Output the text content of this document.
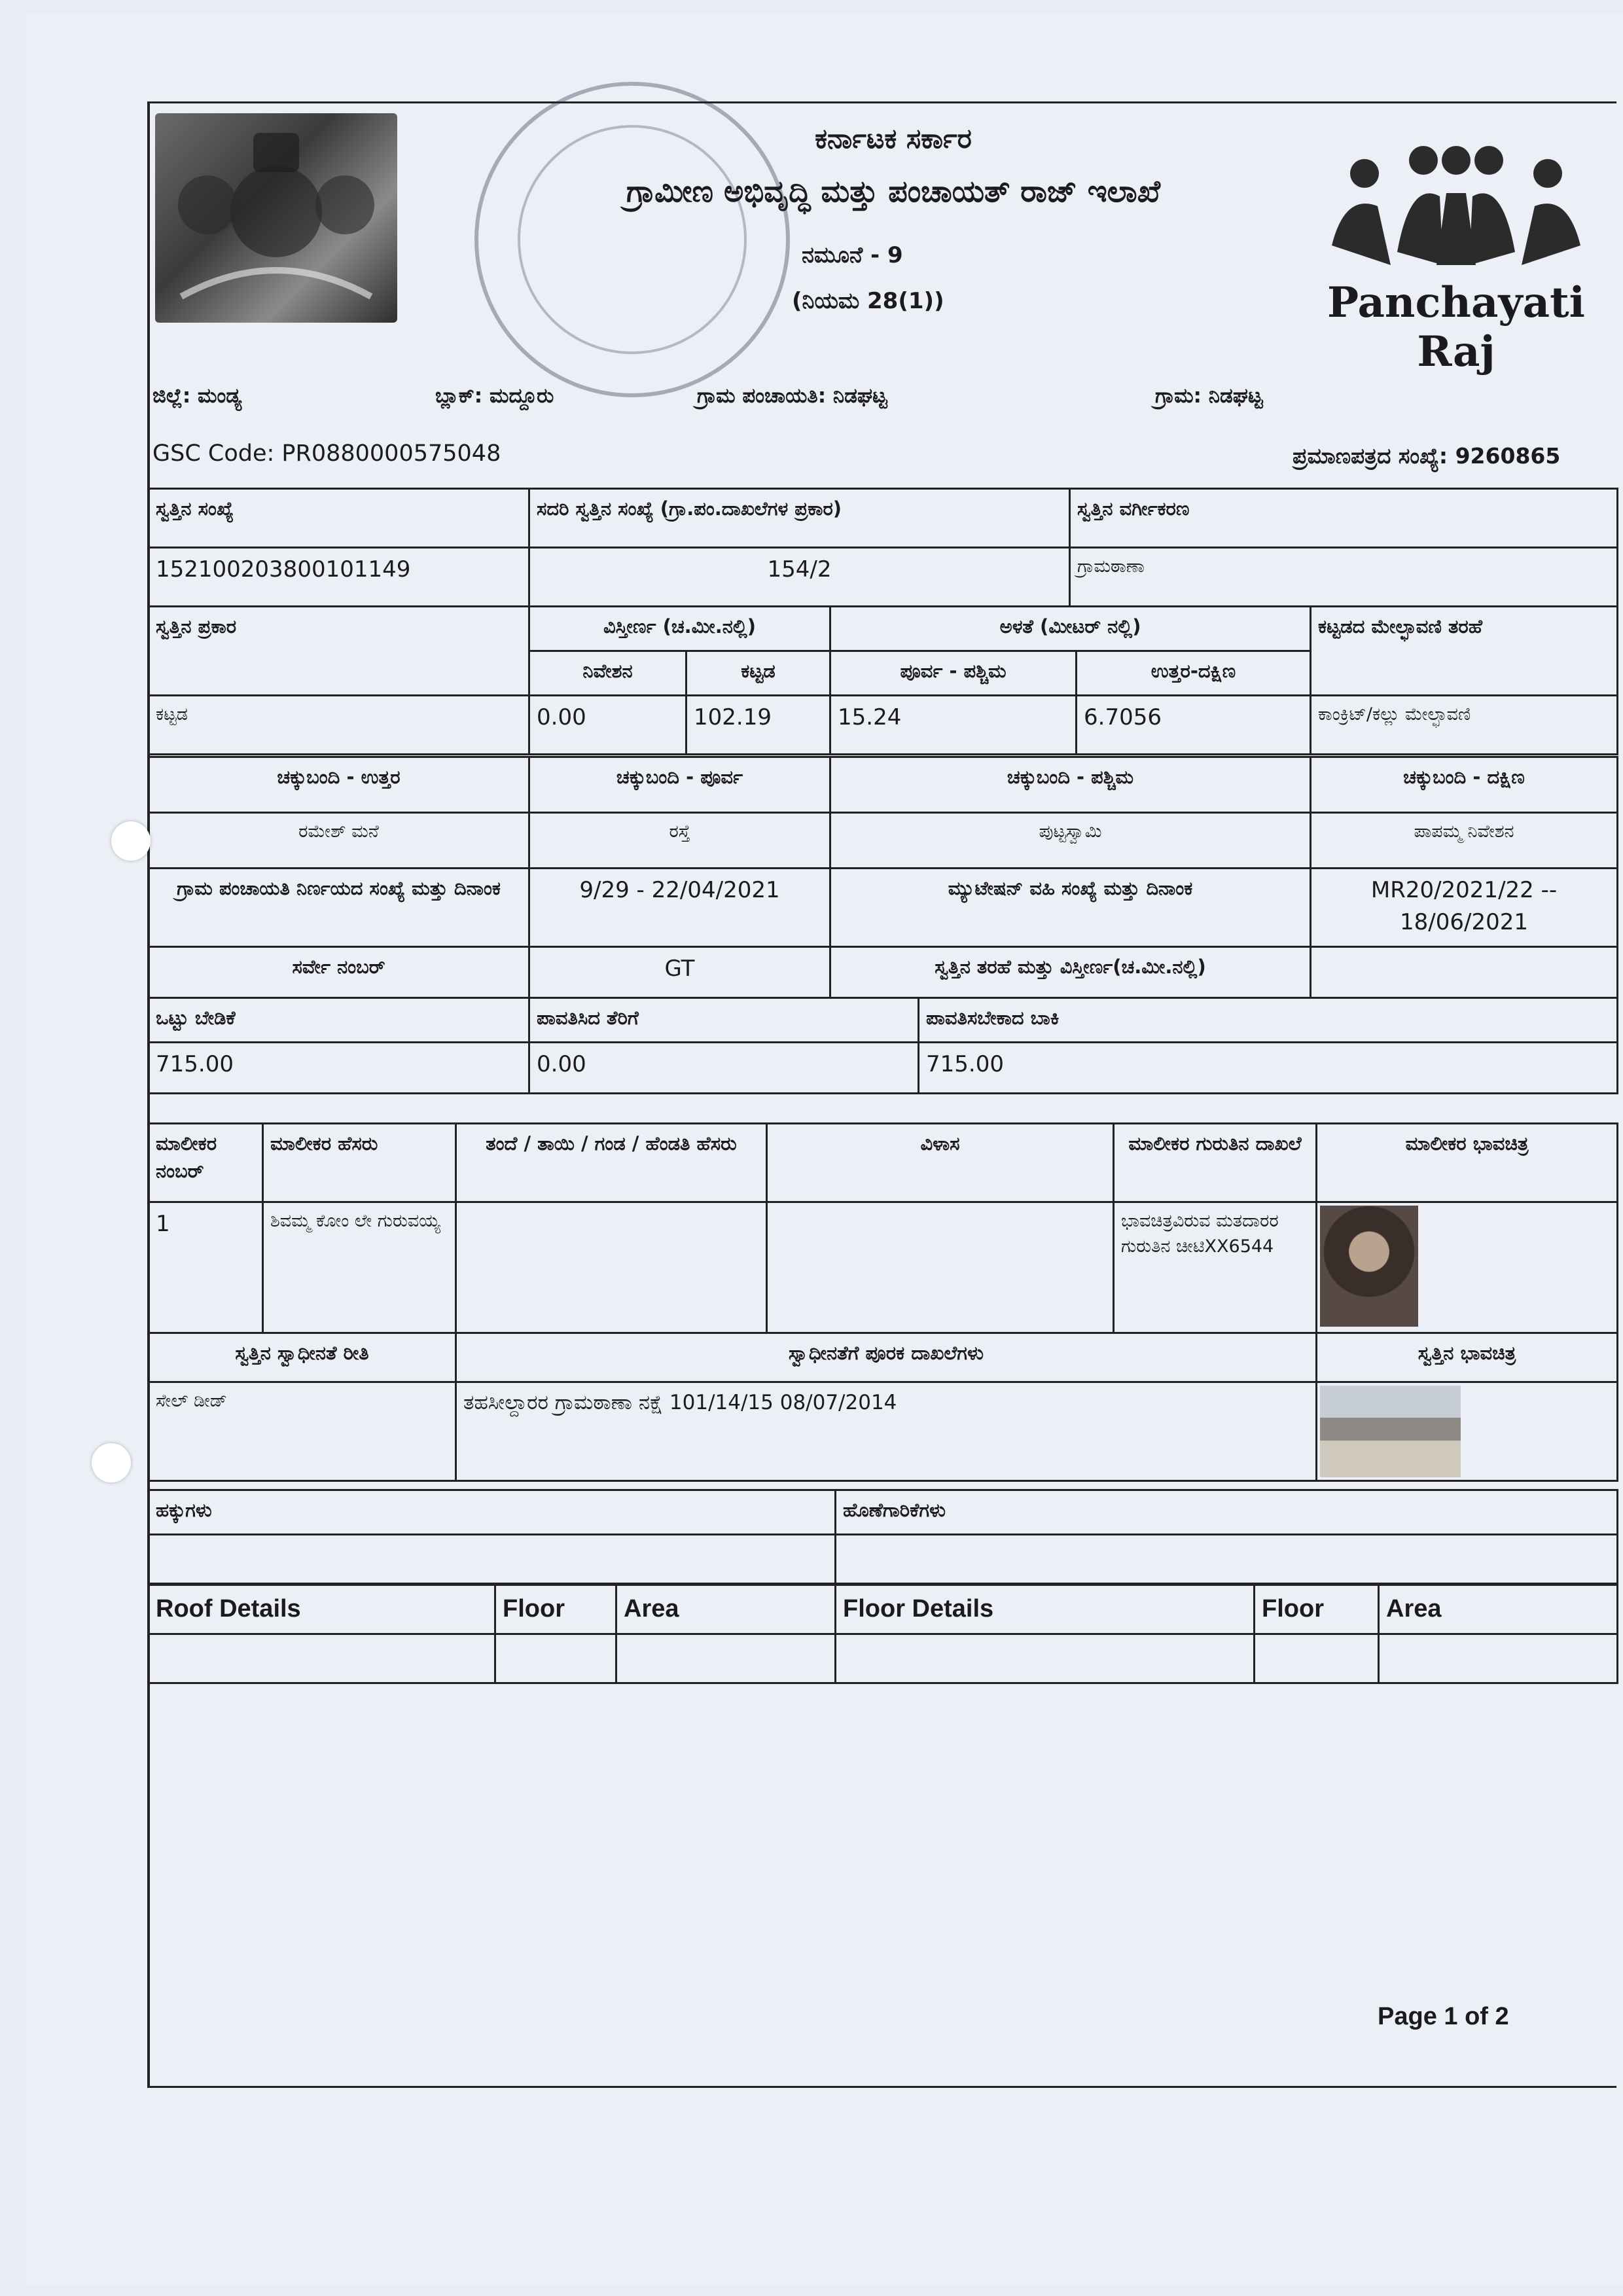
ಕರ್ನಾಟಕ ಸರ್ಕಾರ
ಗ್ರಾಮೀಣ ಅಭಿವೃದ್ಧಿ ಮತ್ತು ಪಂಚಾಯತ್ ರಾಜ್ ಇಲಾಖೆ
ನಮೂನೆ - 9
(ನಿಯಮ 28(1))	Panchayati Raj
ಜಿಲ್ಲೆ: ಮಂಡ್ಯ	ಬ್ಲಾಕ್: ಮದ್ದೂರು	ಗ್ರಾಮ ಪಂಚಾಯತಿ: ನಿಡಘಟ್ಟ	ಗ್ರಾಮ: ನಿಡಘಟ್ಟ
GSC Code: PR0880000575048	ಪ್ರಮಾಣಪತ್ರದ ಸಂಖ್ಯೆ: 9260865
ಸ್ವತ್ತಿನ ಸಂಖ್ಯೆ	ಸದರಿ ಸ್ವತ್ತಿನ ಸಂಖ್ಯೆ (ಗ್ರಾ.ಪಂ.ದಾಖಲೆಗಳ ಪ್ರಕಾರ)	ಸ್ವತ್ತಿನ ವರ್ಗೀಕರಣ
152100203800101149	154/2	ಗ್ರಾಮಠಾಣಾ
ಸ್ವತ್ತಿನ ಪ್ರಕಾರ	ವಿಸ್ತೀರ್ಣ (ಚ.ಮೀ.ನಲ್ಲಿ)		ಅಳತೆ (ಮೀಟರ್ ನಲ್ಲಿ)		ಕಟ್ಟಡದ ಮೇಲ್ಛಾವಣಿ ತರಹೆ
	ನಿವೇಶನ	ಕಟ್ಟಡ	ಪೂರ್ವ - ಪಶ್ಚಿಮ	ಉತ್ತರ-ದಕ್ಷಿಣ	
ಕಟ್ಟಡ	0.00	102.19	15.24	6.7056	ಕಾಂಕ್ರಿಟ್/ಕಲ್ಲು ಮೇಲ್ಛಾವಣಿ
ಚಕ್ಕುಬಂದಿ - ಉತ್ತರ	ಚಕ್ಕುಬಂದಿ - ಪೂರ್ವ	ಚಕ್ಕುಬಂದಿ - ಪಶ್ಚಿಮ	ಚಕ್ಕುಬಂದಿ - ದಕ್ಷಿಣ
ರಮೇಶ್ ಮನೆ	ರಸ್ತೆ	ಪುಟ್ಟಸ್ವಾಮಿ	ಪಾಪಮ್ಮ ನಿವೇಶನ
ಗ್ರಾಮ ಪಂಚಾಯತಿ ನಿರ್ಣಯದ ಸಂಖ್ಯೆ ಮತ್ತು ದಿನಾಂಕ	9/29 - 22/04/2021	ಮ್ಯುಟೇಷನ್ ವಹಿ ಸಂಖ್ಯೆ ಮತ್ತು ದಿನಾಂಕ	MR20/2021/22 -- 18/06/2021
ಸರ್ವೇ ನಂಬರ್	GT	ಸ್ವತ್ತಿನ ತರಹೆ ಮತ್ತು ವಿಸ್ತೀರ್ಣ(ಚ.ಮೀ.ನಲ್ಲಿ)	
ಒಟ್ಟು ಬೇಡಿಕೆ	ಪಾವತಿಸಿದ ತೆರಿಗೆ	ಪಾವತಿಸಬೇಕಾದ ಬಾಕಿ
715.00	0.00	715.00
ಮಾಲೀಕರ ನಂಬರ್	ಮಾಲೀಕರ ಹೆಸರು	ತಂದೆ / ತಾಯಿ / ಗಂಡ / ಹೆಂಡತಿ ಹೆಸರು	ವಿಳಾಸ	ಮಾಲೀಕರ ಗುರುತಿನ ದಾಖಲೆ	ಮಾಲೀಕರ ಭಾವಚಿತ್ರ
1	ಶಿವಮ್ಮ ಕೋಂ ಲೇ ಗುರುವಯ್ಯ			ಭಾವಚಿತ್ರವಿರುವ ಮತದಾರರ ಗುರುತಿನ ಚೀಟಿXX6544	
ಸ್ವತ್ತಿನ ಸ್ವಾಧೀನತೆ ರೀತಿ	ಸ್ವಾಧೀನತೆಗೆ ಪೂರಕ ದಾಖಲೆಗಳು	ಸ್ವತ್ತಿನ ಭಾವಚಿತ್ರ
ಸೇಲ್ ಡೀಡ್	ತಹಸೀಲ್ದಾರರ ಗ್ರಾಮಠಾಣಾ ನಕ್ಷೆ 101/14/15 08/07/2014	
ಹಕ್ಕುಗಳು	ಹೊಣೆಗಾರಿಕೆಗಳು

Roof Details	Floor	Area	Floor Details	Floor	Area

Page 1 of 2
